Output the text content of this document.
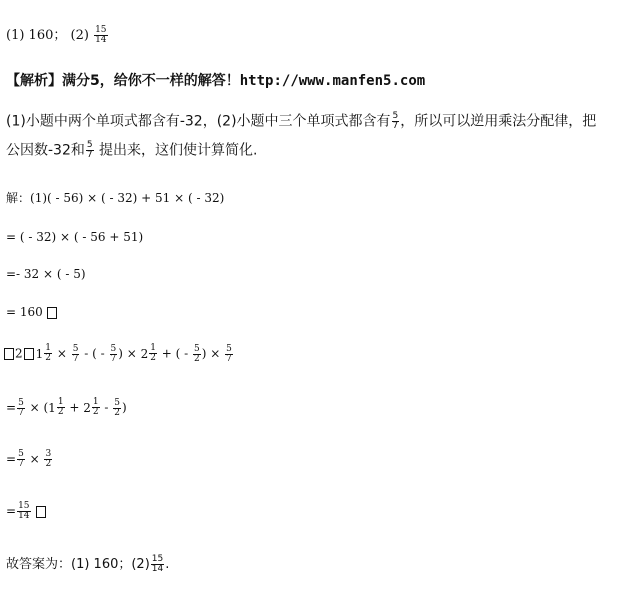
(1) 160； $(2) \frac{15}{14}$
【解析】满分5，给你不一样的解答！http://www.manfen5.com
(1)小题中两个单项式都含有-32，(2)小题中三个单项式都含有 $\frac{5}{7}$ ，所以可以逆用乘法分配律，把
公因数-32和 $\frac{5}{7}$ 提出来，这们使计算简化.
解：(1)( - 56) × ( - 32) + 51 × ( - 32)
= ( - 32) × ( - 56 + 51)
=- 32 × ( - 5)
= 160
2 $1 \frac{1}{2} \times \frac{5}{7}$ - ( - $\frac{5}{7}$ ) × $2 \frac{1}{2}$ + ( - $\frac{5}{2}$ ) × $\frac{5}{7}$
= $\frac{5}{7}$ × ( $1 \frac{1}{2} + 2 \frac{1}{2} - \frac{5}{2}$ )
= $\frac{5}{7} \times \frac{3}{2}$
= $\frac{15}{14}$
故答案为：(1) 160；$(2) \frac{15}{14}$ .
